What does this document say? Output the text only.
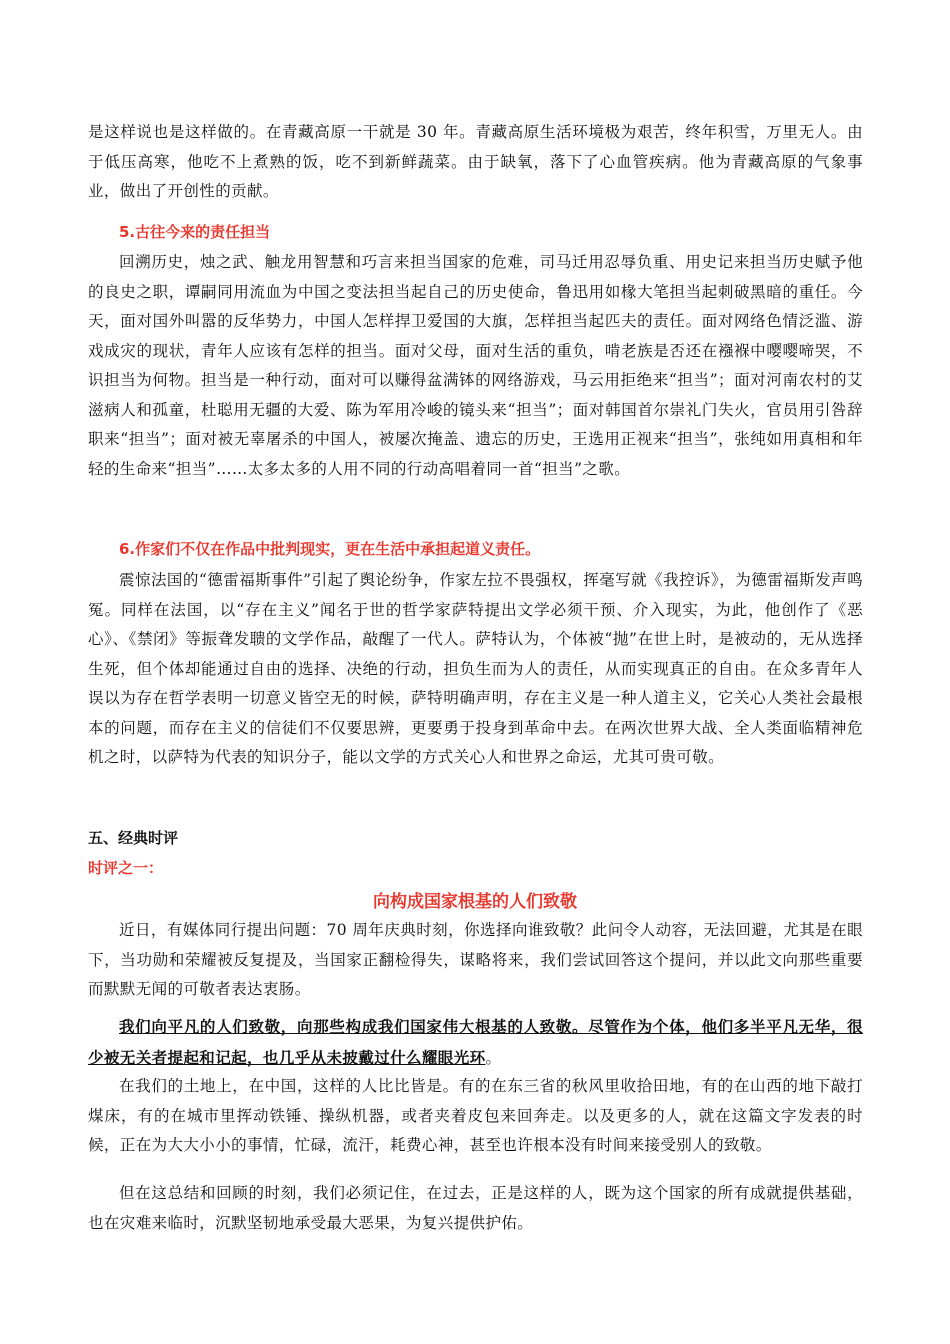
是这样说也是这样做的。在青藏高原一干就是 30 年。青藏高原生活环境极为艰苦，终年积雪，万里无人。由于低压高寒，他吃不上煮熟的饭，吃不到新鲜蔬菜。由于缺氧，落下了心血管疾病。他为青藏高原的气象事业，做出了开创性的贡献。

5.古往今来的责任担当

回溯历史，烛之武、触龙用智慧和巧言来担当国家的危难，司马迁用忍辱负重、用史记来担当历史赋予他的良史之职，谭嗣同用流血为中国之变法担当起自己的历史使命，鲁迅用如椽大笔担当起刺破黑暗的重任。今天，面对国外叫嚣的反华势力，中国人怎样捍卫爱国的大旗，怎样担当起匹夫的责任。面对网络色情泛滥、游戏成灾的现状，青年人应该有怎样的担当。面对父母，面对生活的重负，啃老族是否还在襁褓中嘤嘤啼哭，不识担当为何物。担当是一种行动，面对可以赚得盆满钵的网络游戏，马云用拒绝来“担当”；面对河南农村的艾滋病人和孤童，杜聪用无疆的大爱、陈为军用冷峻的镜头来“担当”；面对韩国首尔崇礼门失火，官员用引咎辞职来“担当”；面对被无辜屠杀的中国人，被屡次掩盖、遗忘的历史，王选用正视来“担当”，张纯如用真相和年轻的生命来“担当”……太多太多的人用不同的行动高唱着同一首“担当”之歌。

6.作家们不仅在作品中批判现实，更在生活中承担起道义责任。

震惊法国的“德雷福斯事件”引起了舆论纷争，作家左拉不畏强权，挥毫写就《我控诉》，为德雷福斯发声鸣冤。同样在法国，以“存在主义”闻名于世的哲学家萨特提出文学必须干预、介入现实，为此，他创作了《恶心》、《禁闭》等振聋发聩的文学作品，敲醒了一代人。萨特认为，个体被“抛”在世上时，是被动的，无从选择生死，但个体却能通过自由的选择、决绝的行动，担负生而为人的责任，从而实现真正的自由。在众多青年人误以为存在哲学表明一切意义皆空无的时候，萨特明确声明，存在主义是一种人道主义，它关心人类社会最根本的问题，而存在主义的信徒们不仅要思辨，更要勇于投身到革命中去。在两次世界大战、全人类面临精神危机之时，以萨特为代表的知识分子，能以文学的方式关心人和世界之命运，尤其可贵可敬。

五、经典时评

时评之一：

向构成国家根基的人们致敬

近日，有媒体同行提出问题：70 周年庆典时刻，你选择向谁致敬？此问令人动容，无法回避，尤其是在眼下，当功勋和荣耀被反复提及，当国家正翻检得失，谋略将来，我们尝试回答这个提问，并以此文向那些重要而默默无闻的可敬者表达衷肠。

我们向平凡的人们致敬，向那些构成我们国家伟大根基的人致敬。尽管作为个体，他们多半平凡无华，很少被无关者提起和记起，也几乎从未披戴过什么耀眼光环。

在我们的土地上，在中国，这样的人比比皆是。有的在东三省的秋风里收拾田地，有的在山西的地下敲打煤床，有的在城市里挥动铁锤、操纵机器，或者夹着皮包来回奔走。以及更多的人，就在这篇文字发表的时候，正在为大大小小的事情，忙碌，流汗，耗费心神，甚至也许根本没有时间来接受别人的致敬。

但在这总结和回顾的时刻，我们必须记住，在过去，正是这样的人，既为这个国家的所有成就提供基础，也在灾难来临时，沉默坚韧地承受最大恶果，为复兴提供护佑。
